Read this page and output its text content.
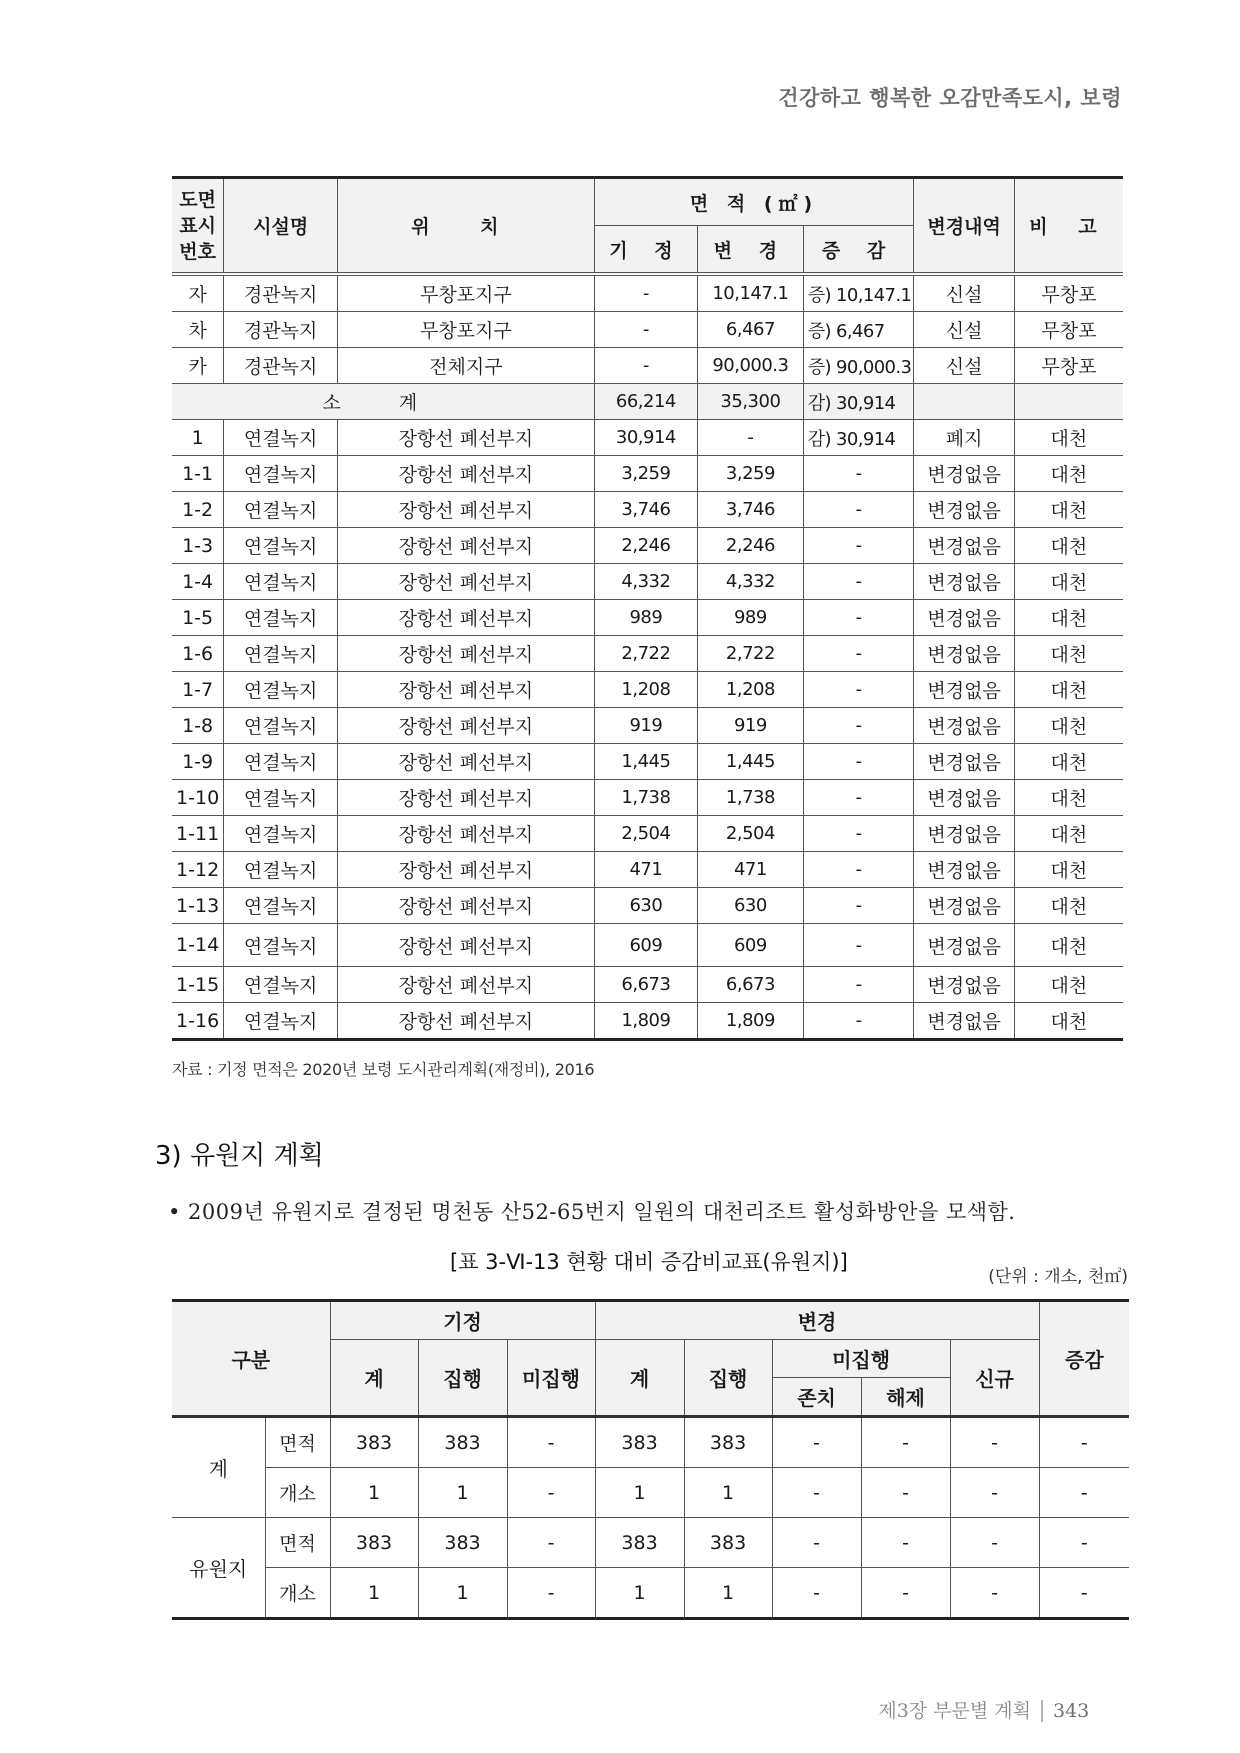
건강하고 행복한 오감만족도시, 보령
도면
표시
번호	시설명	위 치	면 적 (㎡)			변경내역	비 고
			기 정	변 경	증 감		
자	경관녹지	무창포지구	-	10,147.1	증) 10,147.1	신설	무창포
차	경관녹지	무창포지구	-	6,467	증) 6,467	신설	무창포
카	경관녹지	전체지구	-	90,000.3	증) 90,000.3	신설	무창포
소 계			66,214	35,300	감) 30,914		
1	연결녹지	장항선 폐선부지	30,914	-	감) 30,914	폐지	대천
1-1	연결녹지	장항선 폐선부지	3,259	3,259	-	변경없음	대천
1-2	연결녹지	장항선 폐선부지	3,746	3,746	-	변경없음	대천
1-3	연결녹지	장항선 폐선부지	2,246	2,246	-	변경없음	대천
1-4	연결녹지	장항선 폐선부지	4,332	4,332	-	변경없음	대천
1-5	연결녹지	장항선 폐선부지	989	989	-	변경없음	대천
1-6	연결녹지	장항선 폐선부지	2,722	2,722	-	변경없음	대천
1-7	연결녹지	장항선 폐선부지	1,208	1,208	-	변경없음	대천
1-8	연결녹지	장항선 폐선부지	919	919	-	변경없음	대천
1-9	연결녹지	장항선 폐선부지	1,445	1,445	-	변경없음	대천
1-10	연결녹지	장항선 폐선부지	1,738	1,738	-	변경없음	대천
1-11	연결녹지	장항선 폐선부지	2,504	2,504	-	변경없음	대천
1-12	연결녹지	장항선 폐선부지	471	471	-	변경없음	대천
1-13	연결녹지	장항선 폐선부지	630	630	-	변경없음	대천
1-14	연결녹지	장항선 폐선부지	609	609	-	변경없음	대천
1-15	연결녹지	장항선 폐선부지	6,673	6,673	-	변경없음	대천
1-16	연결녹지	장항선 폐선부지	1,809	1,809	-	변경없음	대천
자료 : 기정 면적은 2020년 보령 도시관리계획(재정비), 2016
3) 유원지 계획
• 2009년 유원지로 결정된 명천동 산52-65번지 일원의 대천리조트 활성화방안을 모색함.
[표 3-Ⅵ-13 현황 대비 증감비교표(유원지)]
(단위 : 개소, 천㎡)
구분		기정			변경					증감
		계	집행	미집행	계	집행	미집행		신규	
							존치	해제		
계	면적	383	383	-	383	383	-	-	-	-
	개소	1	1	-	1	1	-	-	-	-
유원지	면적	383	383	-	383	383	-	-	-	-
	개소	1	1	-	1	1	-	-	-	-
제3장 부문별 계획 343
